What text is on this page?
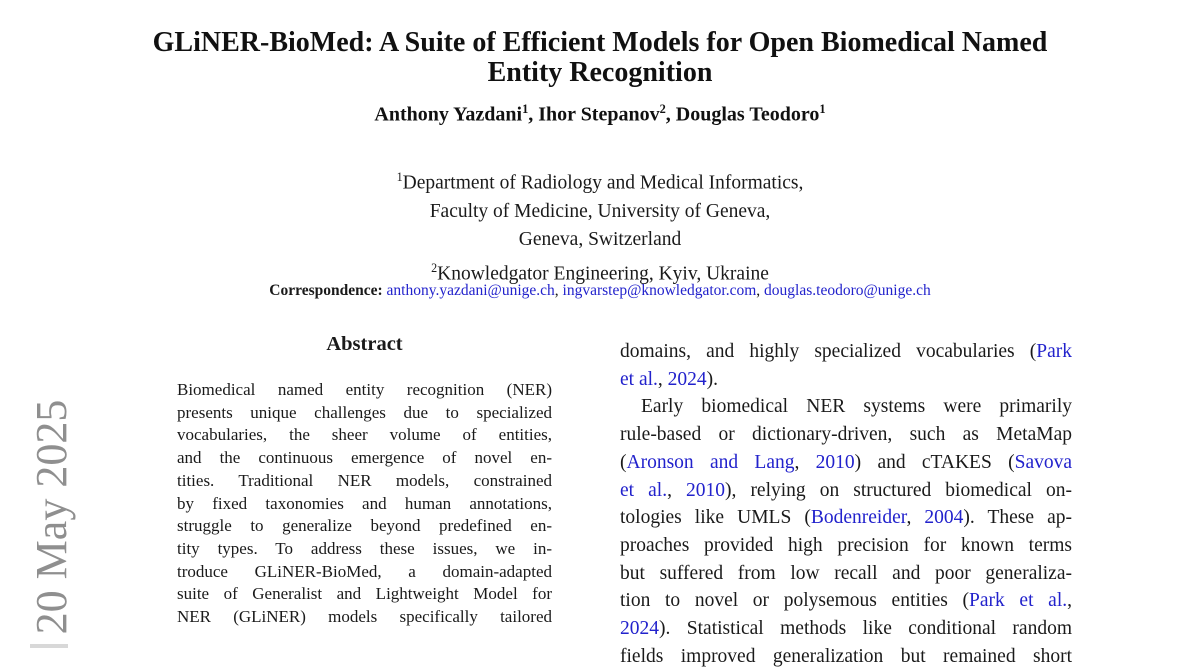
20 May 2025
GLiNER-BioMed: A Suite of Efficient Models for Open Biomedical Named
Entity Recognition
Anthony Yazdani$^1$, Ihor Stepanov$^2$, Douglas Teodoro$^1$
$^1$Department of Radiology and Medical Informatics,
Faculty of Medicine, University of Geneva,
Geneva, Switzerland
$^2$Knowledgator Engineering, Kyiv, Ukraine
Correspondence: anthony.yazdani@unige.ch, ingvarstep@knowledgator.com, douglas.teodoro@unige.ch
Abstract
Biomedical named entity recognition (NER)
presents unique challenges due to specialized
vocabularies, the sheer volume of entities,
and the continuous emergence of novel en-
tities. Traditional NER models, constrained
by fixed taxonomies and human annotations,
struggle to generalize beyond predefined en-
tity types. To address these issues, we in-
troduce GLiNER-BioMed, a domain-adapted
suite of Generalist and Lightweight Model for
NER (GLiNER) models specifically tailored
domains, and highly specialized vocabularies (Park
et al., 2024).
Early biomedical NER systems were primarily
rule-based or dictionary-driven, such as MetaMap
(Aronson and Lang, 2010) and cTAKES (Savova
et al., 2010), relying on structured biomedical on-
tologies like UMLS (Bodenreider, 2004). These ap-
proaches provided high precision for known terms
but suffered from low recall and poor generaliza-
tion to novel or polysemous entities (Park et al.,
2024). Statistical methods like conditional random
fields improved generalization but remained short
